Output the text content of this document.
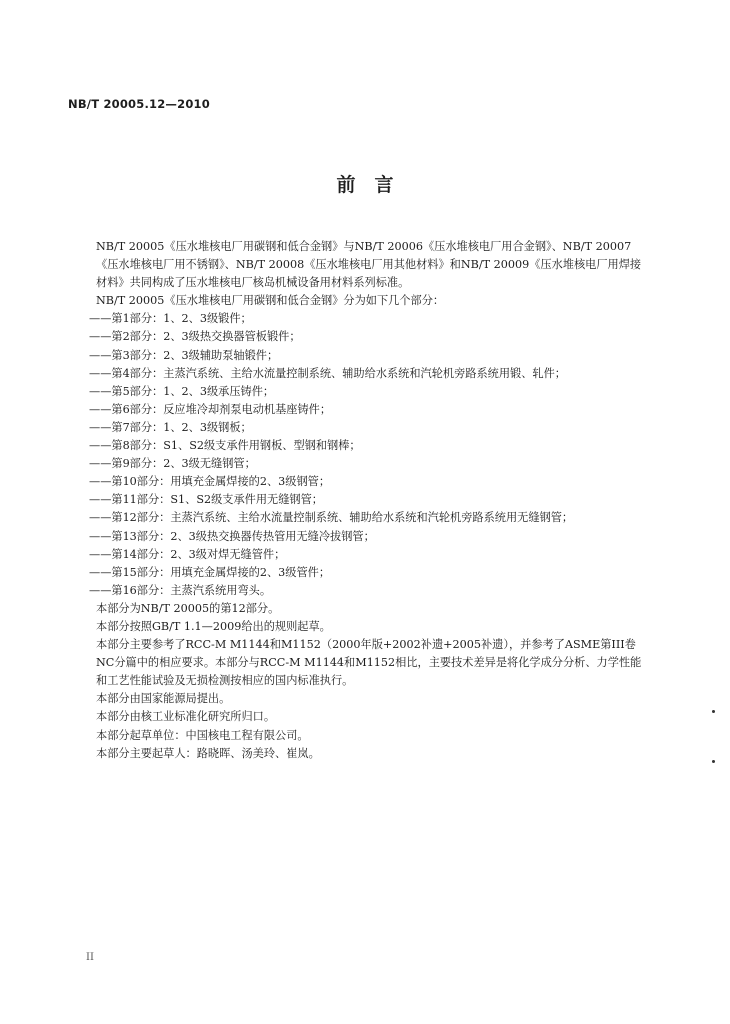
NB/T 20005.12—2010
前　言

NB/T 20005《压水堆核电厂用碳钢和低合金钢》与NB/T 20006《压水堆核电厂用合金钢》、NB/T 20007《压水堆核电厂用不锈钢》、NB/T 20008《压水堆核电厂用其他材料》和NB/T 20009《压水堆核电厂用焊接材料》共同构成了压水堆核电厂核岛机械设备用材料系列标准。

NB/T 20005《压水堆核电厂用碳钢和低合金钢》分为如下几个部分：

——第1部分：1、2、3级锻件；

——第2部分：2、3级热交换器管板锻件；

——第3部分：2、3级辅助泵轴锻件；

——第4部分：主蒸汽系统、主给水流量控制系统、辅助给水系统和汽轮机旁路系统用锻、轧件；

——第5部分：1、2、3级承压铸件；

——第6部分：反应堆冷却剂泵电动机基座铸件；

——第7部分：1、2、3级钢板；

——第8部分：S1、S2级支承件用钢板、型钢和钢棒；

——第9部分：2、3级无缝钢管；

——第10部分：用填充金属焊接的2、3级钢管；

——第11部分：S1、S2级支承件用无缝钢管；

——第12部分：主蒸汽系统、主给水流量控制系统、辅助给水系统和汽轮机旁路系统用无缝钢管；

——第13部分：2、3级热交换器传热管用无缝冷拔钢管；

——第14部分：2、3级对焊无缝管件；

——第15部分：用填充金属焊接的2、3级管件；

——第16部分：主蒸汽系统用弯头。

本部分为NB/T 20005的第12部分。

本部分按照GB/T 1.1—2009给出的规则起草。

本部分主要参考了RCC-M M1144和M1152（2000年版+2002补遗+2005补遗），并参考了ASME第III卷NC分篇中的相应要求。本部分与RCC-M M1144和M1152相比，主要技术差异是将化学成分分析、力学性能和工艺性能试验及无损检测按相应的国内标准执行。

本部分由国家能源局提出。

本部分由核工业标准化研究所归口。

本部分起草单位：中国核电工程有限公司。

本部分主要起草人：路晓晖、汤美玲、崔岚。

II
